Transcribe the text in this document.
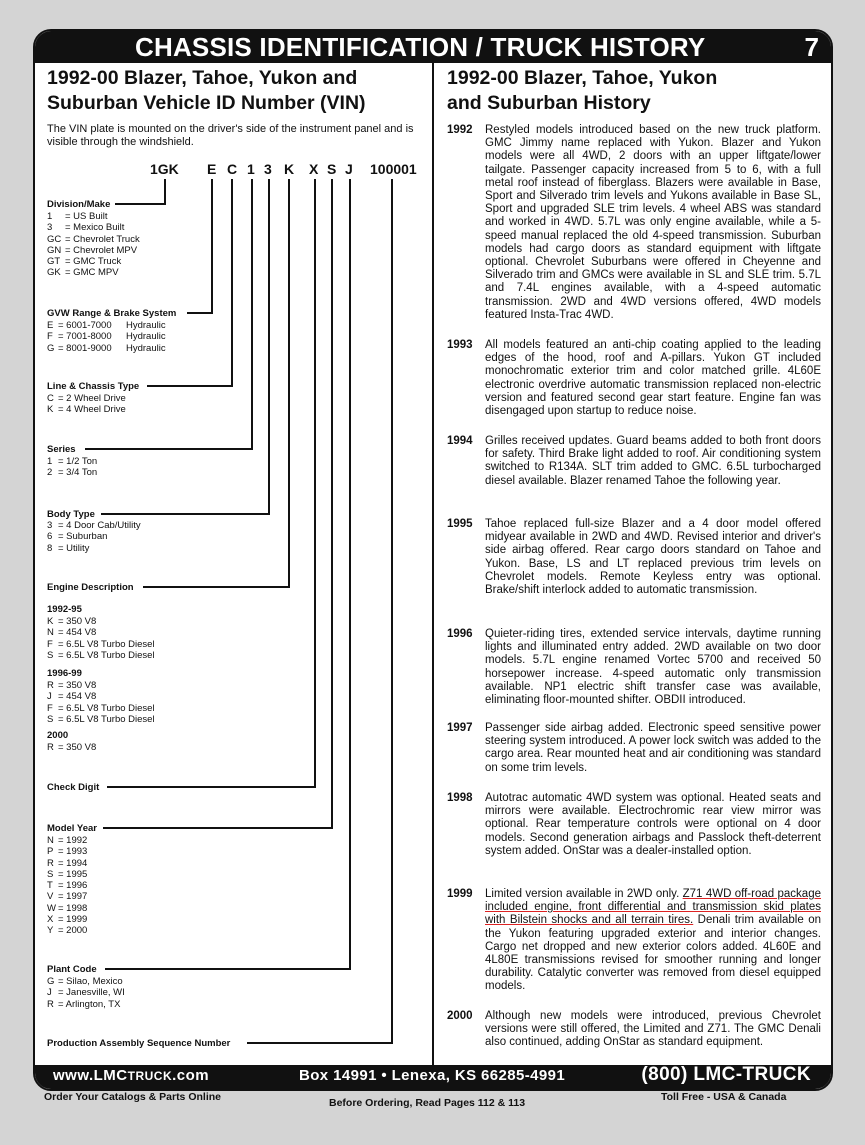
CHASSIS IDENTIFICATION / TRUCK HISTORY	7
1992-00 Blazer, Tahoe, Yukon and
Suburban Vehicle ID Number (VIN)
The VIN plate is mounted on the driver's side of the instrument panel and is visible through the windshield.
1GK E C 1 3 K X S J 100001
Division/Make
1 = US Built
3 = Mexico Built
GC = Chevrolet Truck
GN = Chevrolet MPV
GT = GMC Truck
GK = GMC MPV
GVW Range & Brake System
E = 6001-7000 Hydraulic
F = 7001-8000 Hydraulic
G = 8001-9000 Hydraulic
Line & Chassis Type
C = 2 Wheel Drive
K = 4 Wheel Drive
Series
1 = 1/2 Ton
2 = 3/4 Ton
Body Type
3 = 4 Door Cab/Utility
6 = Suburban
8 = Utility
Engine Description
1992-95
K = 350 V8
N = 454 V8
F = 6.5L V8 Turbo Diesel
S = 6.5L V8 Turbo Diesel
1996-99
R = 350 V8
J = 454 V8
F = 6.5L V8 Turbo Diesel
S = 6.5L V8 Turbo Diesel
2000
R = 350 V8
Check Digit
Model Year
N = 1992
P = 1993
R = 1994
S = 1995
T = 1996
V = 1997
W = 1998
X = 1999
Y = 2000
Plant Code
G = Silao, Mexico
J = Janesville, WI
R = Arlington, TX
Production Assembly Sequence Number
1992-00 Blazer, Tahoe, Yukon
and Suburban History
1992 Restyled models introduced based on the new truck platform. GMC Jimmy name replaced with Yukon. Blazer and Yukon models were all 4WD, 2 doors with an upper liftgate/lower tailgate. Passenger capacity increased from 5 to 6, with a full metal roof instead of fiberglass. Blazers were available in Base, Sport and Silverado trim levels and Yukons available in Base SL, Sport and upgraded SLE trim levels. 4 wheel ABS was standard and worked in 4WD. 5.7L was only engine available, while a 5-speed manual replaced the old 4-speed transmission. Suburban models had cargo doors as standard equipment with liftgate optional. Chevrolet Suburbans were offered in Cheyenne and Silverado trim and GMCs were available in SL and SLE trim. 5.7L and 7.4L engines available, with a 4-speed automatic transmission. 2WD and 4WD versions offered, 4WD models featured Insta-Trac 4WD.
1993 All models featured an anti-chip coating applied to the leading edges of the hood, roof and A-pillars. Yukon GT included monochromatic exterior trim and color matched grille. 4L60E electronic overdrive automatic transmission replaced non-electric version and featured second gear start feature. Engine fan was disengaged upon startup to reduce noise.
1994 Grilles received updates. Guard beams added to both front doors for safety. Third Brake light added to roof. Air conditioning system switched to R134A. SLT trim added to GMC. 6.5L turbocharged diesel available. Blazer renamed Tahoe the following year.
1995 Tahoe replaced full-size Blazer and a 4 door model offered midyear available in 2WD and 4WD. Revised interior and driver's side airbag offered. Rear cargo doors standard on Tahoe and Yukon. Base, LS and LT replaced previous trim levels on Chevrolet models. Remote Keyless entry was optional. Brake/shift interlock added to automatic transmission.
1996 Quieter-riding tires, extended service intervals, daytime running lights and illuminated entry added. 2WD available on two door models. 5.7L engine renamed Vortec 5700 and received 50 horsepower increase. 4-speed automatic only transmission available. NP1 electric shift transfer case was available, eliminating floor-mounted shifter. OBDII introduced.
1997 Passenger side airbag added. Electronic speed sensitive power steering system introduced. A power lock switch was added to the cargo area. Rear mounted heat and air conditioning was standard on some trim levels.
1998 Autotrac automatic 4WD system was optional. Heated seats and mirrors were available. Electrochromic rear view mirror was optional. Rear temperature controls were optional on 4 door models. Second generation airbags and Passlock theft-deterrent system added. OnStar was a dealer-installed option.
1999 Limited version available in 2WD only. Z71 4WD off-road package included engine, front differential and transmission skid plates with Bilstein shocks and all terrain tires. Denali trim available on the Yukon featuring upgraded exterior and interior changes. Cargo net dropped and new exterior colors added. 4L60E and 4L80E transmissions revised for smoother running and longer durability. Catalytic converter was removed from diesel equipped models.
2000 Although new models were introduced, previous Chevrolet versions were still offered, the Limited and Z71. The GMC Denali also continued, adding OnStar as standard equipment.
www.LMCTRUCK.com	Box 14991 • Lenexa, KS 66285-4991	(800) LMC-TRUCK
Order Your Catalogs & Parts Online	Before Ordering, Read Pages 112 & 113	Toll Free - USA & Canada
